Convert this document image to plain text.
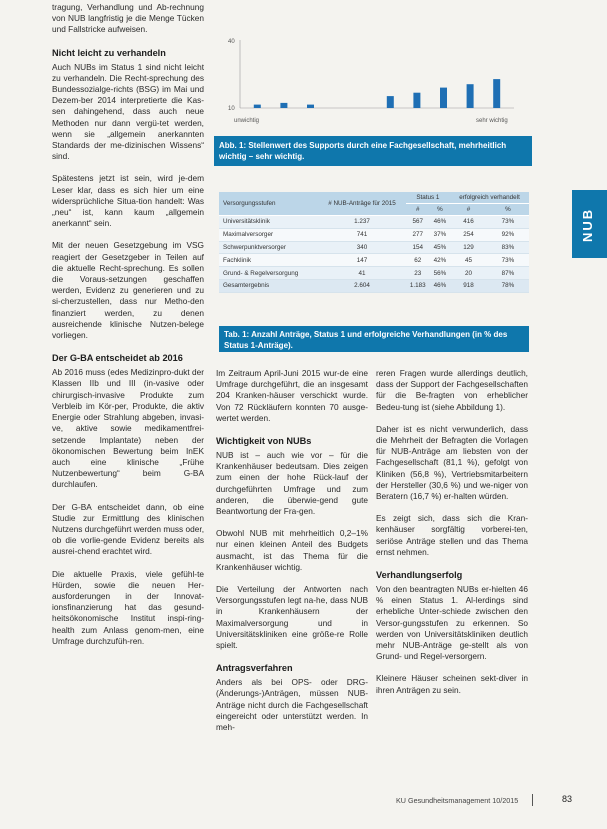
tragung, Verhandlung und Ab-rechnung von NUB langfristig je die Menge Tücken und Fallstricke aufweisen.

Nicht leicht zu verhandeln

Auch NUBs im Status 1 sind nicht leicht zu verhandeln. Die Recht-sprechung des Bundessozialge-richts (BSG) im Mai und Dezem-ber 2014 interpretierte die Kas-sen dahingehend, dass auch neue Methoden nur dann vergü-tet werden, wenn sie „allgemein anerkannten Standards der me-dizinischen Wissens“ sind.

Spätestens jetzt ist sein, wird je-dem Leser klar, dass es sich hier um eine widersprüchliche Situa-tion handelt: Was „neu“ ist, kann kaum „allgemein anerkannt“ sein.

Mit der neuen Gesetzgebung im VSG reagiert der Gesetzgeber in Teilen auf die aktuelle Recht-sprechung. Es sollen die Voraus-setzungen geschaffen werden, Evidenz zu generieren und zu si-cherzustellen, dass nur Metho-den finanziert werden, zu denen ausreichende klinische Nutzen-belege vorliegen.

Der G-BA entscheidet ab 2016

Ab 2016 muss (edes Medizinpro-dukt der Klassen IIb und III (in-vasive oder chirurgisch-invasive Produkte zum Verbleib im Kör-per, Produkte, die aktiv Energie oder Strahlung abgeben, invasi-ve, aktive sowie medikamentfrei-setzende Implantate) neben der ökonomischen Bewertung beim InEK auch eine klinische „Frühe Nutzenbewertung“ beim G-BA durchlaufen.

Der G-BA entscheidet dann, ob eine Studie zur Ermittlung des klinischen Nutzens durchgeführt werden muss oder, ob die vorlie-gende Evidenz bereits als ausrei-chend erachtet wird.

Die aktuelle Praxis, viele gefühl-te Hürden, sowie die neuen Her-ausforderungen in der Innovat-ionsfinanzierung hat das gesund-heitsökonomische Institut inspi-ring-health zum Anlass genom-men, eine Umfrage durchzufüh-ren.

40
10
unwichtig	sehr wichtig
Abb. 1: Stellenwert des Supports durch eine Fachgesellschaft, mehrheitlich wichtig – sehr wichtig.
Versorgungsstufen	# NUB-Anträge für 2015	Status 1		erfolgreich verhandelt	
		#	%	#	%
Universitätsklinik	1.237	567	46%	416	73%
Maximalversorger	741	277	37%	254	92%
Schwerpunktversorger	340	154	45%	129	83%
Fachklinik	147	62	42%	45	73%
Grund- & Regelversorgung	41	23	56%	20	87%
Gesamtergebnis	2.604	1.183	46%	918	78%
Tab. 1: Anzahl Anträge, Status 1 und erfolgreiche Verhandlungen (in % des Status 1-Anträge).

Im Zeitraum April-Juni 2015 wur-de eine Umfrage durchgeführt, die an insgesamt 204 Kranken-häuser verschickt wurde. Von 72 Rückläufern konnten 70 ausge-wertet werden.

Wichtigkeit von NUBs

NUB ist – auch wie vor – für die Krankenhäuser bedeutsam. Dies zeigen zum einen der hohe Rück-lauf der durchgeführten Umfrage und zum anderen, die überwie-gend gute Beantwortung der Fra-gen.

Obwohl NUB mit mehrheitlich 0,2–1% nur einen kleinen Anteil des Budgets ausmacht, ist das Thema für die Krankenhäuser wichtig.

Die Verteilung der Antworten nach Versorgungsstufen legt na-he, dass NUB in Krankenhäusern der Maximalversorgung und in Universitätskliniken eine größe-re Rolle spielt.

Antragsverfahren

Anders als bei OPS- oder DRG-(Änderungs-)Anträgen, müssen NUB-Anträge nicht durch die Fachgesellschaft eingereicht oder unterstützt werden. In meh-

reren Fragen wurde allerdings deutlich, dass der Support der Fachgesellschaften für die Be-fragten von erheblicher Bedeu-tung ist (siehe Abbildung 1).

Daher ist es nicht verwunderlich, dass die Mehrheit der Befragten die Vorlagen für NUB-Anträge am liebsten von der Fachgesellschaft (81,1 %), gefolgt von Kliniken (56,8 %), Vertriebsmitarbeitern der Hersteller (30,6 %) und we-niger von Beratern (16,7 %) er-halten würden.

Es zeigt sich, dass sich die Kran-kenhäuser sorgfältig vorberei-ten, seriöse Anträge stellen und das Thema ernst nehmen.

Verhandlungserfolg

Von den beantragten NUBs er-hielten 46 % einen Status 1. Al-lerdings sind erhebliche Unter-schiede zwischen den Versor-gungsstufen zu erkennen. So werden von Universitätskliniken deutlich mehr NUB-Anträge ge-stellt als von Grund- und Regel-versorgern.

Kleinere Häuser scheinen sekt-diver in ihren Anträgen zu sein.

NUB
KU Gesundheitsmanagement 10/2015	83
